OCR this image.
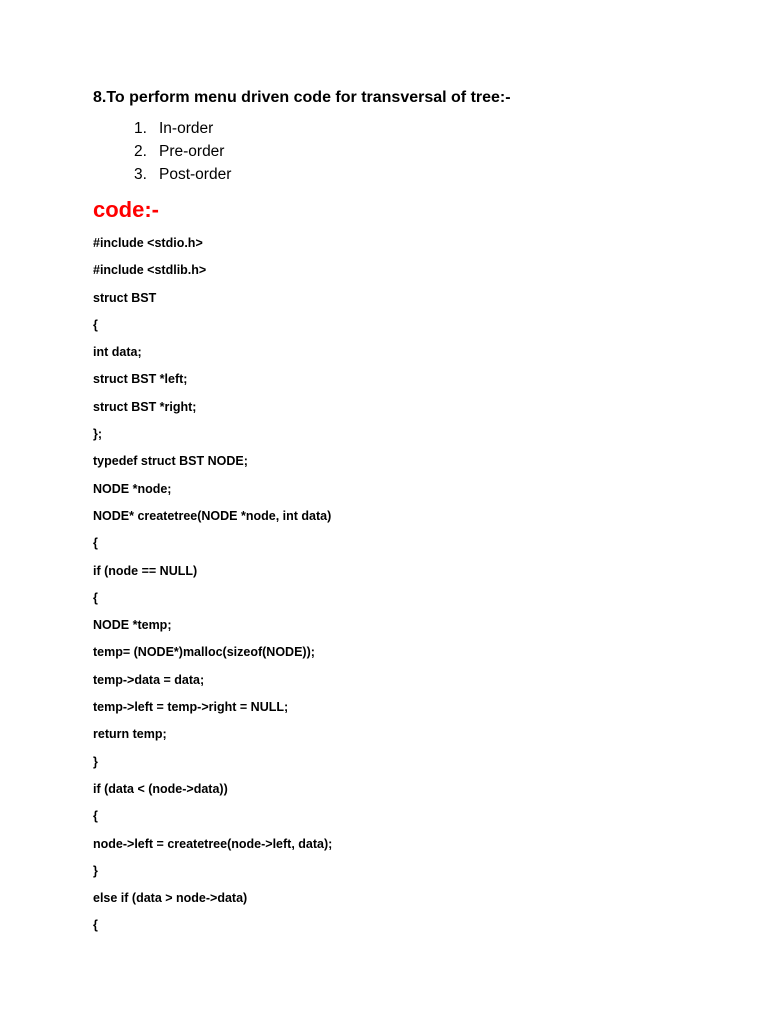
8.To perform menu driven code for transversal of tree:-
1. In-order
2. Pre-order
3. Post-order
code:-
#include <stdio.h>
#include <stdlib.h>
struct BST
{
int data;
struct BST *left;
struct BST *right;
};
typedef struct BST NODE;
NODE *node;
NODE* createtree(NODE *node, int data)
{
if (node == NULL)
{
NODE *temp;
temp= (NODE*)malloc(sizeof(NODE));
temp->data = data;
temp->left = temp->right = NULL;
return temp;
}
if (data < (node->data))
{
node->left = createtree(node->left, data);
}
else if (data > node->data)
{
